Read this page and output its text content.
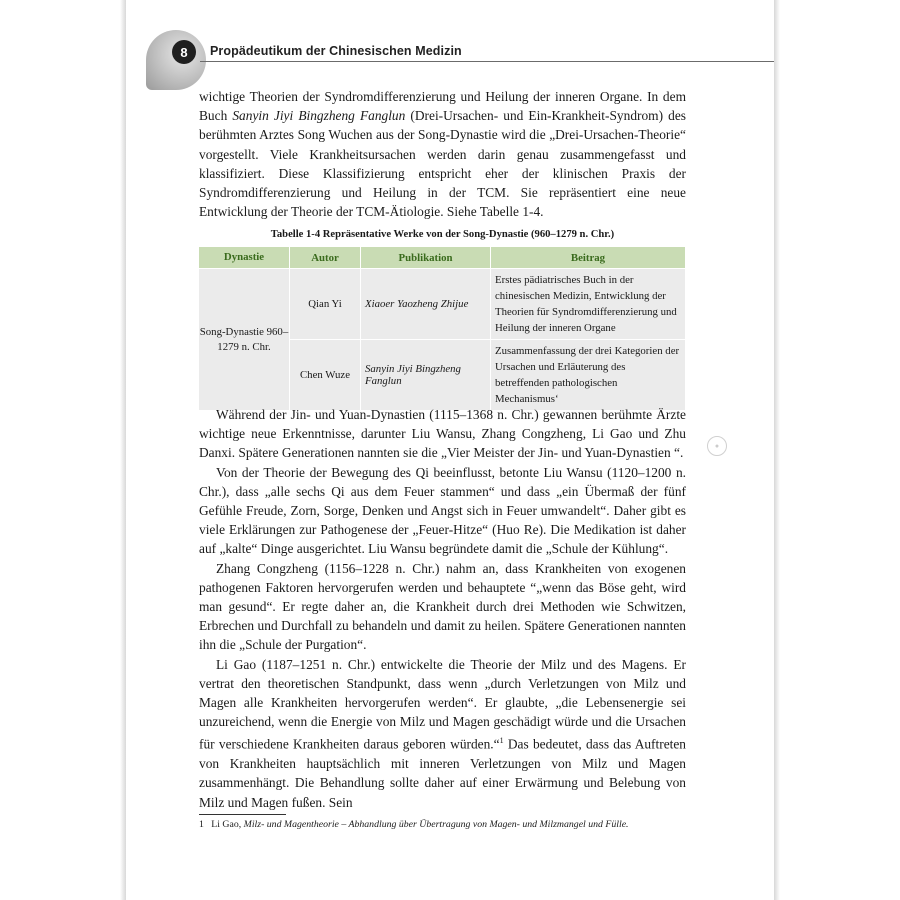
8	Propädeutikum der Chinesischen Medizin

wichtige Theorien der Syndromdifferenzierung und Heilung der inneren Organe. In dem Buch Sanyin Jiyi Bingzheng Fanglun (Drei-Ursachen- und Ein-Krankheit-Syndrom) des berühmten Arztes Song Wuchen aus der Song-Dynastie wird die „Drei-Ursachen-Theorie“ vorgestellt. Viele Krankheitsursachen werden darin genau zusammengefasst und klassifiziert. Diese Klassifizierung entspricht eher der klinischen Praxis der Syndromdifferenzierung und Heilung in der TCM. Sie repräsentiert eine neue Entwicklung der Theorie der TCM-Ätiologie. Siehe Tabelle 1-4.

Tabelle 1-4 Repräsentative Werke von der Song-Dynastie (960–1279 n. Chr.)
Dynastie	Autor	Publikation	Beitrag
Song-Dynastie 960–1279 n. Chr.	Qian Yi	Xiaoer Yaozheng Zhijue	Erstes pädiatrisches Buch in der chinesischen Medizin, Entwicklung der Theorien für Syndromdifferenzierung und Heilung der inneren Organe
	Chen Wuze	Sanyin Jiyi Bingzheng Fanglun	Zusammenfassung der drei Kategorien der Ursachen und Erläuterung des betreffenden pathologischen Mechanismus‘
●

Während der Jin- und Yuan-Dynastien (1115–1368 n. Chr.) gewannen berühmte Ärzte wichtige neue Erkenntnisse, darunter Liu Wansu, Zhang Congzheng, Li Gao und Zhu Danxi. Spätere Generationen nannten sie die „Vier Meister der Jin- und Yuan-Dynastien “.

Von der Theorie der Bewegung des Qi beeinflusst, betonte Liu Wansu (1120–1200 n. Chr.), dass „alle sechs Qi aus dem Feuer stammen“ und dass „ein Übermaß der fünf Gefühle Freude, Zorn, Sorge, Denken und Angst sich in Feuer umwandelt“. Daher gibt es viele Erklärungen zur Pathogenese der „Feuer-Hitze“ (Huo Re). Die Medikation ist daher auf „kalte“ Dinge ausgerichtet. Liu Wansu begründete damit die „Schule der Kühlung“.

Zhang Congzheng (1156–1228 n. Chr.) nahm an, dass Krankheiten von exogenen pathogenen Faktoren hervorgerufen werden und behauptete “„wenn das Böse geht, wird man gesund“. Er regte daher an, die Krankheit durch drei Methoden wie Schwitzen, Erbrechen und Durchfall zu behandeln und damit zu heilen. Spätere Generationen nannten ihn die „Schule der Purgation“.

Li Gao (1187–1251 n. Chr.) entwickelte die Theorie der Milz und des Magens. Er vertrat den theoretischen Standpunkt, dass wenn „durch Verletzungen von Milz und Magen alle Krankheiten hervorgerufen werden“. Er glaubte, „die Lebensenergie sei unzureichend, wenn die Energie von Milz und Magen geschädigt würde und die Ursachen für verschiedene Krankheiten daraus geboren würden.“$^1$ Das bedeutet, dass das Auftreten von Krankheiten hauptsächlich mit inneren Verletzungen von Milz und Magen zusammenhängt. Die Behandlung sollte daher auf einer Erwärmung und Belebung von Milz und Magen fußen. Sein

1 Li Gao, Milz- und Magentheorie – Abhandlung über Übertragung von Magen- und Milzmangel und Fülle.
